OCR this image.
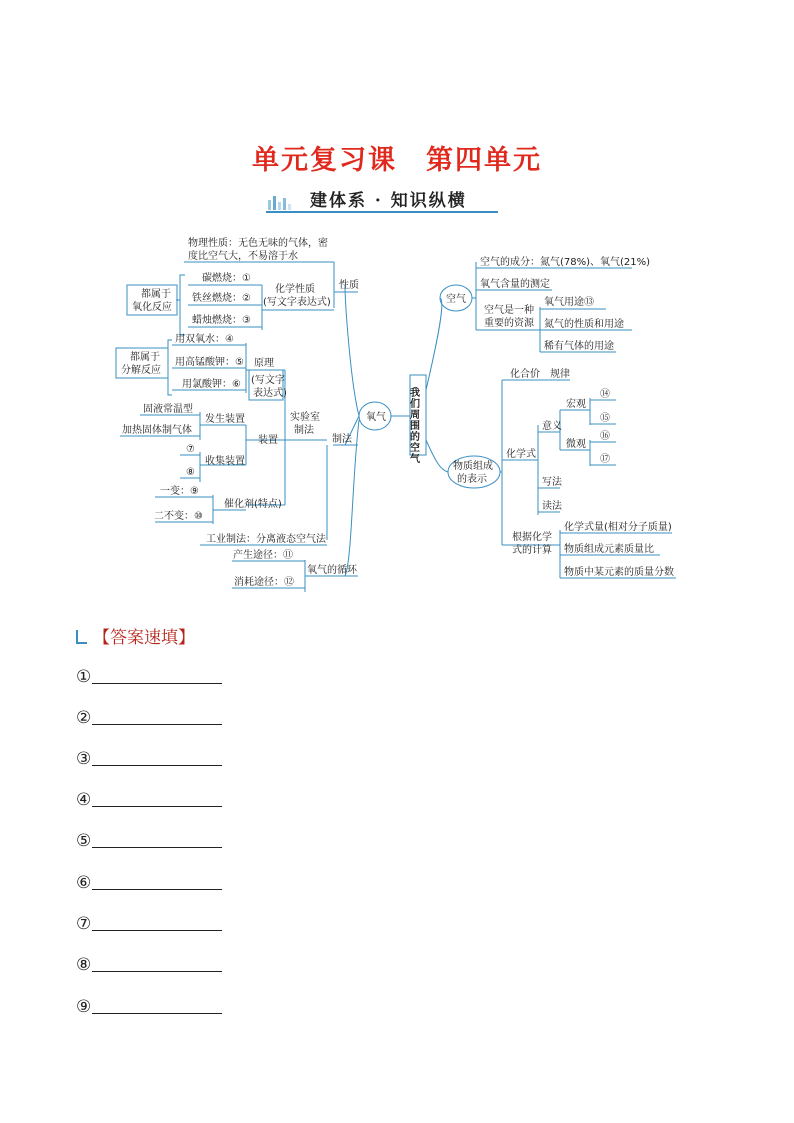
单元复习课　第四单元
建体系 · 知识纵横
物理性质：无色无味的气体，密
度比空气大，不易溶于水
化学性质
(写文字表达式)
性质
都属于
氧化反应
碳燃烧：①
铁丝燃烧：②
蜡烛燃烧：③
用双氧水：④
用高锰酸钾：⑤
用氯酸钾：⑥
都属于
分解反应
原理
(写文字
表达式)
实验室
制法
制法
装置
发生装置
固液常温型
加热固体制气体
⑦
收集装置
⑧
一变：⑨
二不变：⑩
催化剂(特点)
工业制法：分离液态空气法
产生途径：⑪
消耗途径：⑫
氧气的循环
氧气 我们周围的空气
空气
空气的成分：氮气(78%)、氧气(21%)
氧气含量的测定
空气是一种
重要的资源
氧气用途⑬
氮气的性质和用途
稀有气体的用途
物质组成
的表示
化合价　规律
化学式
意义
宏观
微观
⑭
⑮
⑯
⑰
写法
读法
根据化学
式的计算
化学式量(相对分子质量)
物质组成元素质量比
物质中某元素的质量分数
【答案速填】
①
②
③
④
⑤
⑥
⑦
⑧
⑨
